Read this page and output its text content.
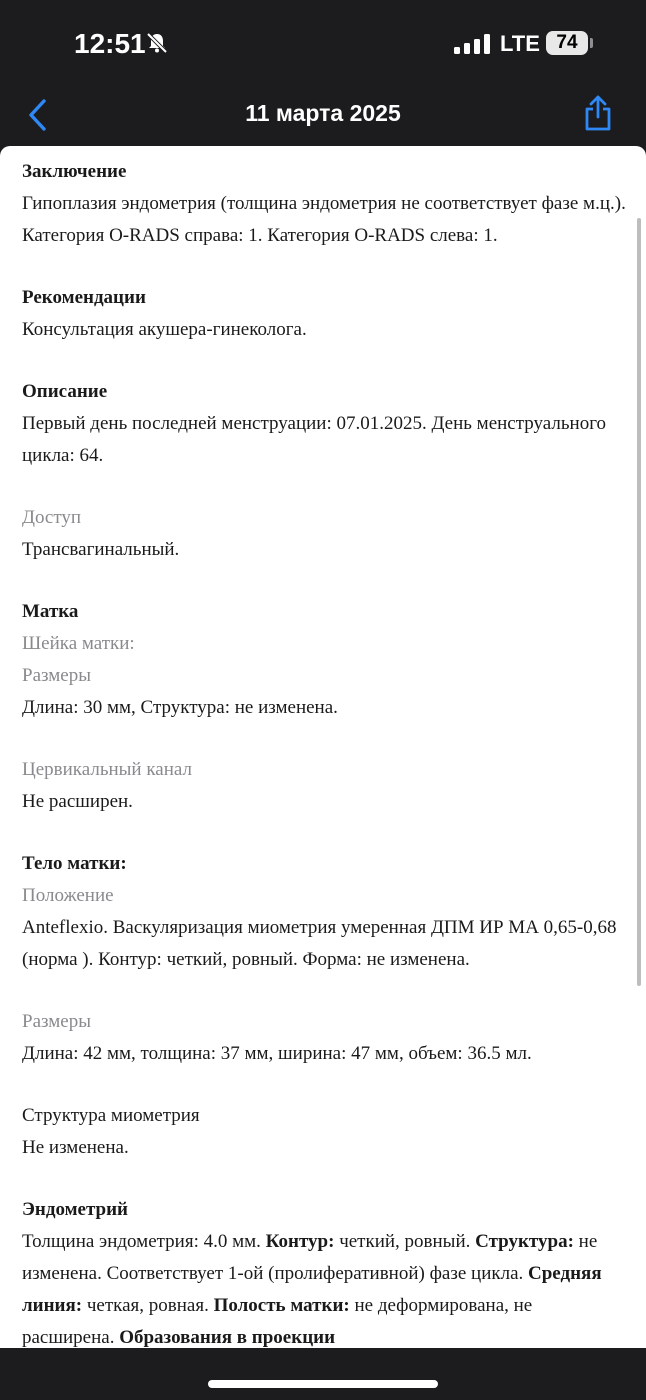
12:51	LTE 74
11 марта 2025
Заключение
Гипоплазия эндометрия (толщина эндометрия не соответствует фазе м.ц.). Категория O-RADS справа: 1. Категория O-RADS слева: 1.
Рекомендации
Консультация акушера-гинеколога.
Описание
Первый день последней менструации: 07.01.2025. День менструального цикла: 64.
Доступ
Трансвагинальный.
Матка
Шейка матки:
Размеры
Длина: 30 мм, Структура: не изменена.
Цервикальный канал
Не расширен.
Тело матки:
Положение
Anteflexio. Васкуляризация миометрия умеренная ДПМ ИР МА 0,65-0,68 (норма ). Контур: четкий, ровный. Форма: не изменена.
Размеры
Длина: 42 мм, толщина: 37 мм, ширина: 47 мм, объем: 36.5 мл.
Структура миометрия
Не изменена.
Эндометрий
Толщина эндометрия: 4.0 мм. Контур: четкий, ровный. Структура: не изменена. Соответствует 1-ой (пролиферативной) фазе цикла. Средняя линия: четкая, ровная. Полость матки: не деформирована, не расширена. Образования в проекции
